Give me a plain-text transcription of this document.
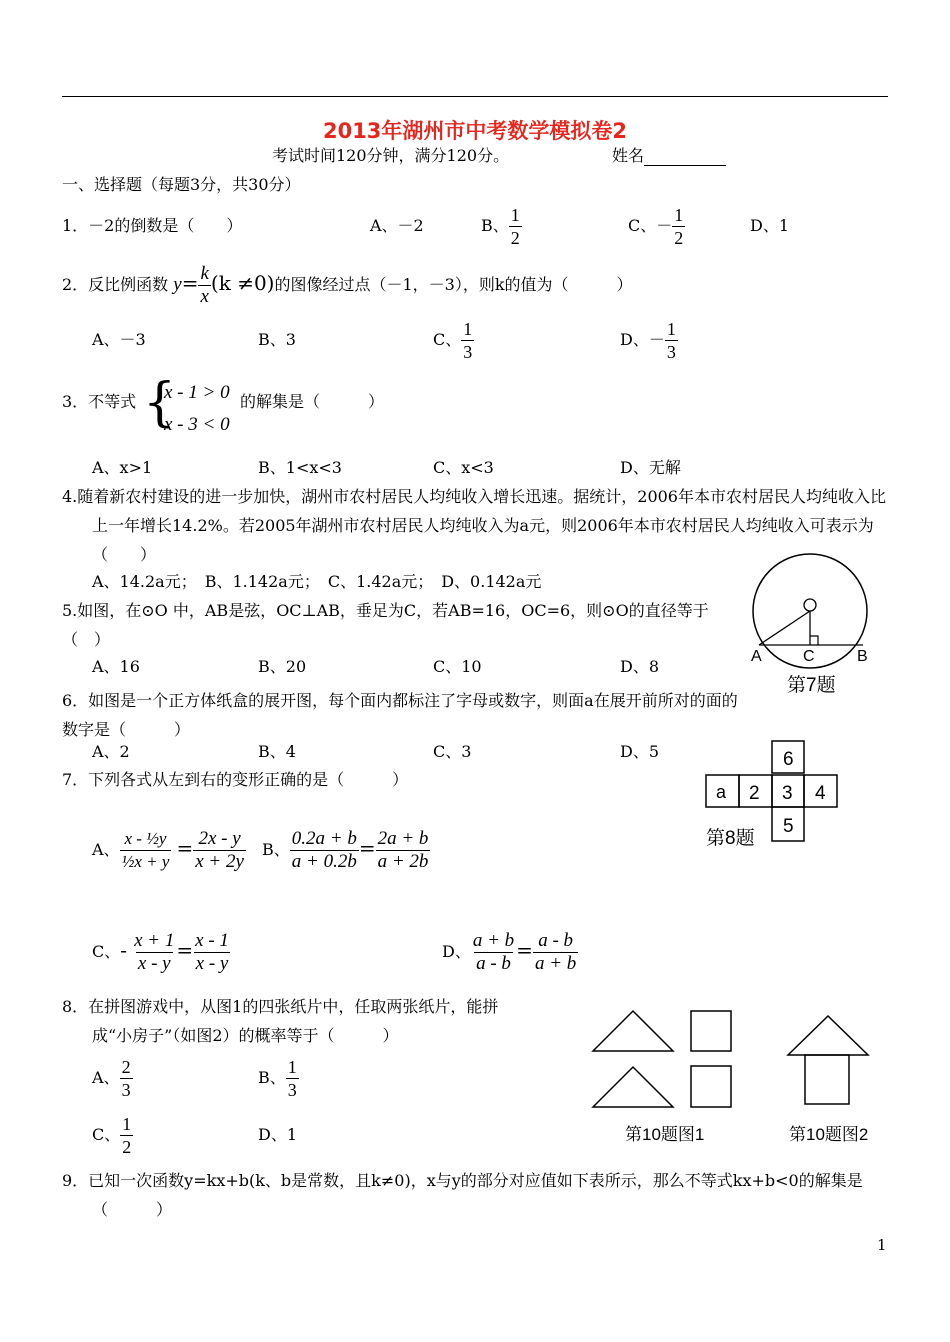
2013年湖州市中考数学模拟卷2
考试时间120分钟，满分120分。	姓名
一、选择题（每题3分，共30分）
1．－2的倒数是（　　）	A、－2	B、 $\frac{1}{2}$	C、－ $\frac{1}{2}$	D、1
2．反比例函数 $y= \frac{k}{x} (k \ne 0)$的图像经过点（－1，－3），则k的值为（　　　）
A、－3	B、3	C、 $\frac{1}{3}$	D、－ $\frac{1}{3}$
3．不等式 {
x - 1 > 0
x - 3 < 0
的解集是（　　　）
A、x>1	B、1<x<3	C、x<3	D、无解
4.随着新农村建设的进一步加快，湖州市农村居民人均纯收入增长迅速。据统计，2006年本市农村居民人均纯收入比上一年增长14.2%。若2005年湖州市农村居民人均纯收入为a元，则2006年本市农村居民人均纯收入可表示为（　　）
A、14.2a元；　B、1.142a元；　C、1.42a元；　D、0.142a元
5.如图，在⊙O 中，AB是弦，OC⊥AB，垂足为C，若AB=16，OC=6，则⊙O的直径等于（　）
A、16	B、20	C、10	D、8
A	C	B
第7题
6．如图是一个正方体纸盒的展开图，每个面内都标注了字母或数字，则面a在展开前所对的面的数字是（　　　）
A、2	B、4	C、3	D、5	6
a 2 3 4
5
第8题
7．下列各式从左到右的变形正确的是（　　　）
A、 $\frac{\text{x - ½y}}{\text{½x + y}} = \frac{2x - y}{x + 2y}$ B、 $\frac{0.2a + b}{a + 0.2b} = \frac{2a + b}{a + 2b}$
C、- $\frac{x + 1}{x - y} = \frac{x - 1}{x - y}$	D、 $\frac{a + b}{a - b} = \frac{a - b}{a + b}$
8．在拼图游戏中，从图1的四张纸片中，任取两张纸片，能拼
成“小房子”（如图2）的概率等于（　　　）
A、 $\frac{2}{3}$	B、 $\frac{1}{3}$
C、 $\frac{1}{2}$	D、1	第10题图1	第10题图2
9．已知一次函数y=kx+b(k、b是常数，且k≠0)，x与y的部分对应值如下表所示，那么不等式kx+b<0的解集是（　　　）
1
